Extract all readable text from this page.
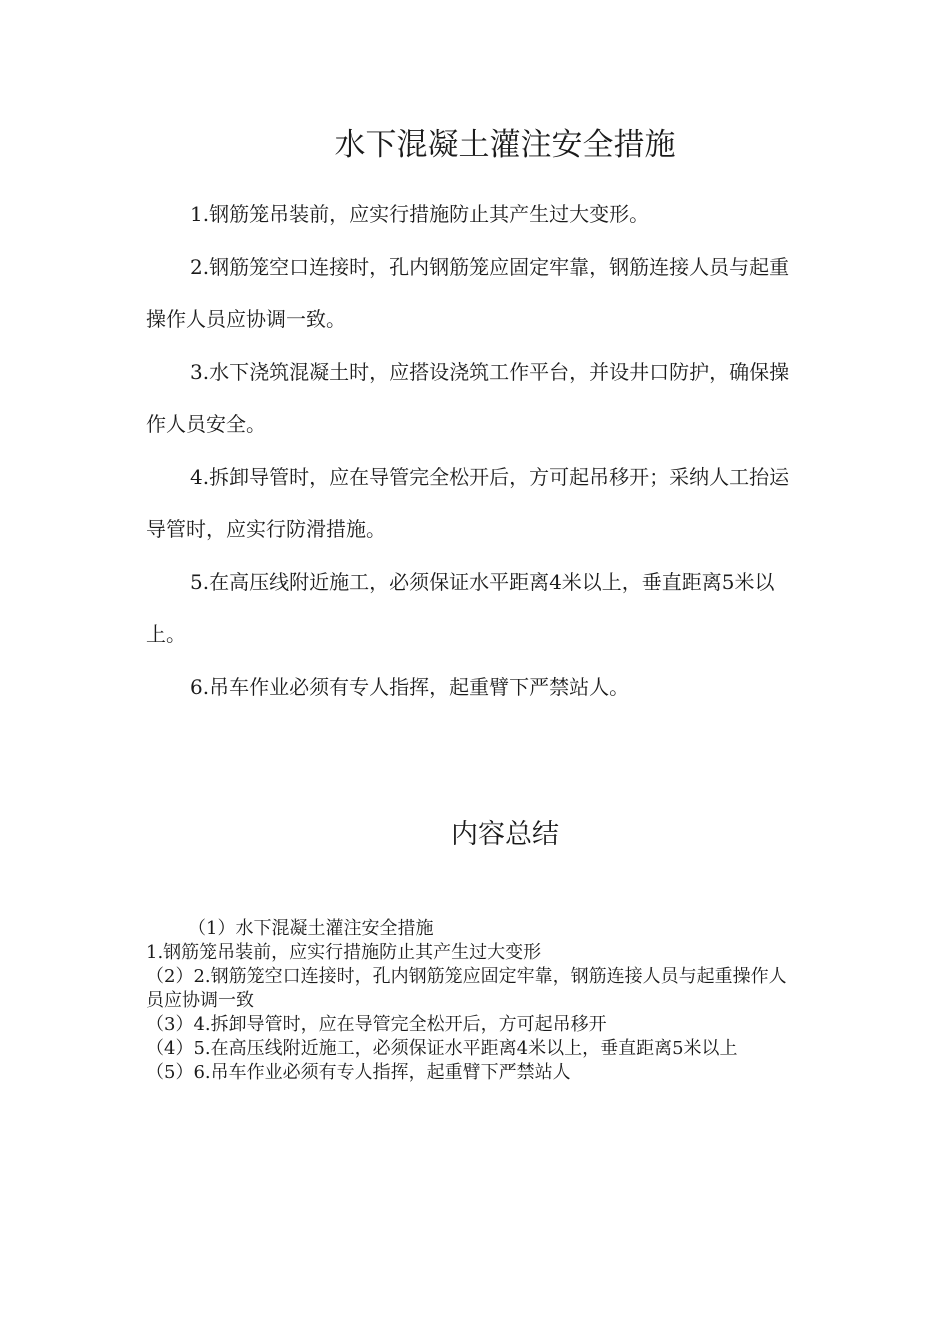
水下混凝土灌注安全措施

1.钢筋笼吊装前，应实行措施防止其产生过大变形。

2.钢筋笼空口连接时，孔内钢筋笼应固定牢靠，钢筋连接人员与起重操作人员应协调一致。

3.水下浇筑混凝土时，应搭设浇筑工作平台，并设井口防护，确保操作人员安全。

4.拆卸导管时，应在导管完全松开后，方可起吊移开；采纳人工抬运导管时，应实行防滑措施。

5.在高压线附近施工，必须保证水平距离4米以上，垂直距离5米以上。

6.吊车作业必须有专人指挥，起重臂下严禁站人。

内容总结
（1）水下混凝土灌注安全措施
1.钢筋笼吊装前，应实行措施防止其产生过大变形
（2）2.钢筋笼空口连接时，孔内钢筋笼应固定牢靠，钢筋连接人员与起重操作人员应协调一致
（3）4.拆卸导管时，应在导管完全松开后，方可起吊移开
（4）5.在高压线附近施工，必须保证水平距离4米以上，垂直距离5米以上
（5）6.吊车作业必须有专人指挥，起重臂下严禁站人
